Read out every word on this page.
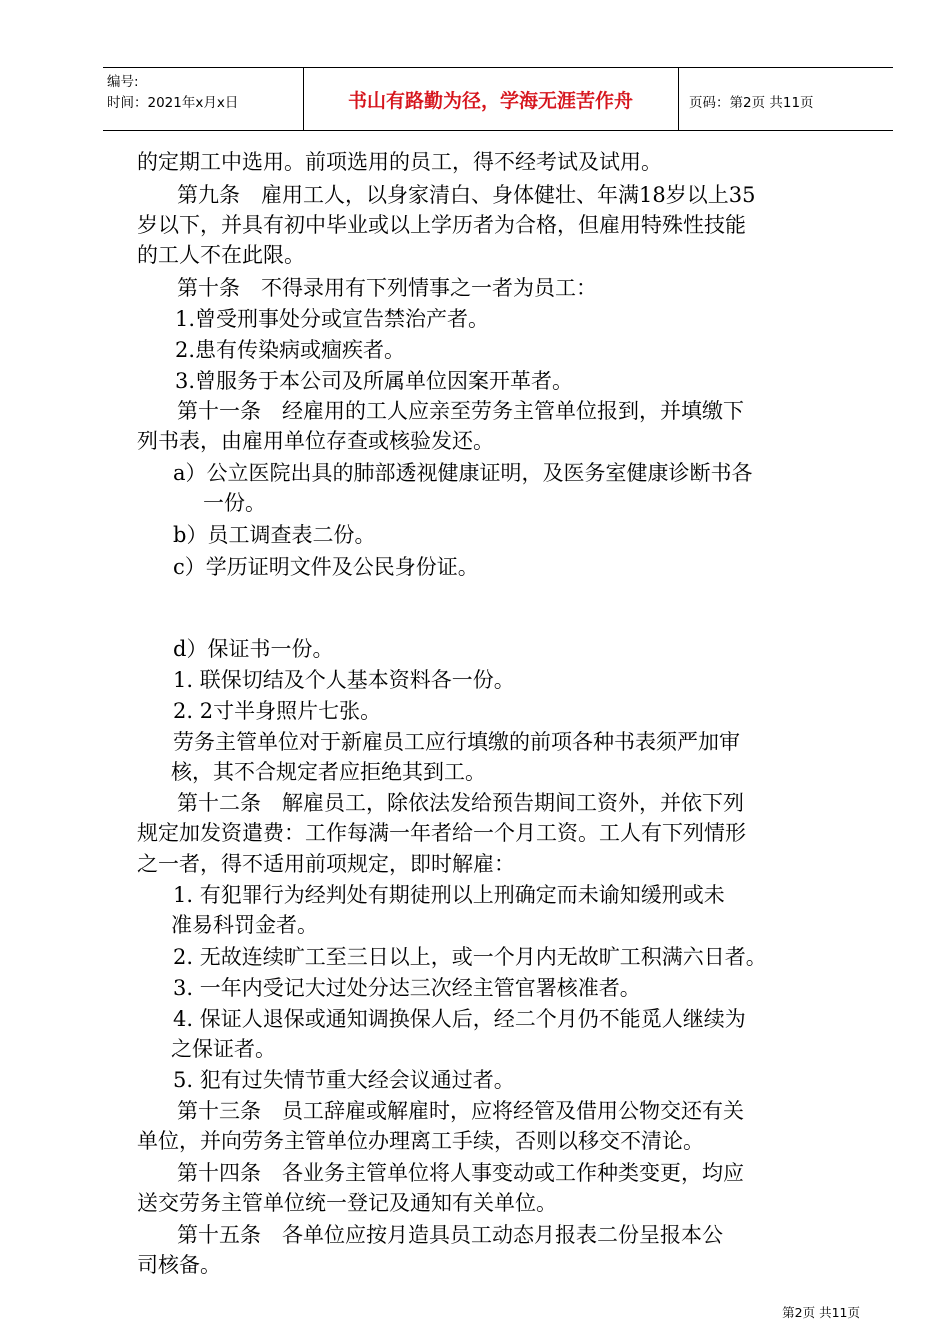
编号:
时间：2021年x月x日	书山有路勤为径，学海无涯苦作舟	页码：第2页 共11页
的定期工中选用。前项选用的员工，得不经考试及试用。
第九条　雇用工人，以身家清白、身体健壮、年满18岁以上35
岁以下，并具有初中毕业或以上学历者为合格，但雇用特殊性技能
的工人不在此限。
第十条　不得录用有下列情事之一者为员工：
1.曾受刑事处分或宣告禁治产者。
2.患有传染病或痼疾者。
3.曾服务于本公司及所属单位因案开革者。
第十一条　经雇用的工人应亲至劳务主管单位报到，并填缴下
列书表，由雇用单位存查或核验发还。
a）公立医院出具的肺部透视健康证明，及医务室健康诊断书各
一份。
b）员工调查表二份。
c）学历证明文件及公民身份证。
d）保证书一份。
1. 联保切结及个人基本资料各一份。
2. 2寸半身照片七张。
劳务主管单位对于新雇员工应行填缴的前项各种书表须严加审
核，其不合规定者应拒绝其到工。
第十二条　解雇员工，除依法发给预告期间工资外，并依下列
规定加发资遣费：工作每满一年者给一个月工资。工人有下列情形
之一者，得不适用前项规定，即时解雇：
1. 有犯罪行为经判处有期徒刑以上刑确定而未谕知缓刑或未
准易科罚金者。
2. 无故连续旷工至三日以上，或一个月内无故旷工积满六日者。
3. 一年内受记大过处分达三次经主管官署核准者。
4. 保证人退保或通知调换保人后，经二个月仍不能觅人继续为
之保证者。
5. 犯有过失情节重大经会议通过者。
第十三条　员工辞雇或解雇时，应将经管及借用公物交还有关
单位，并向劳务主管单位办理离工手续，否则以移交不清论。
第十四条　各业务主管单位将人事变动或工作种类变更，均应
送交劳务主管单位统一登记及通知有关单位。
第十五条　各单位应按月造具员工动态月报表二份呈报本公
司核备。
第2页 共11页
